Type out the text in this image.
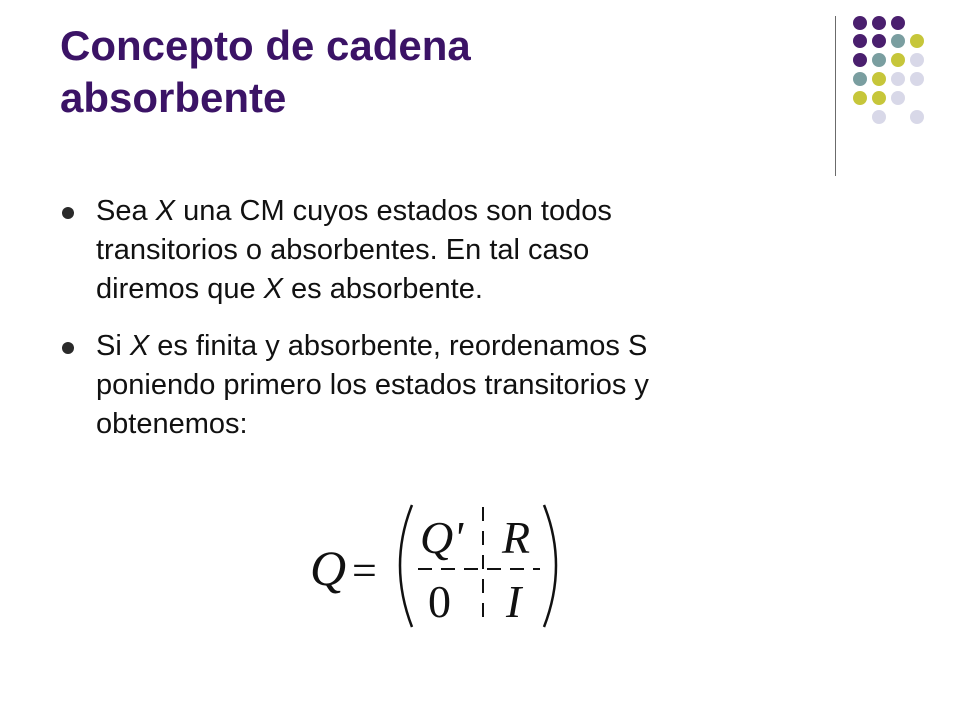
Concepto de cadena
absorbente
Sea X una CM cuyos estados son todos
transitorios o absorbentes. En tal caso
diremos que X es absorbente.
Si X es finita y absorbente, reordenamos S
poniendo primero los estados transitorios y
obtenemos:
Q =
Q' R
0 I
